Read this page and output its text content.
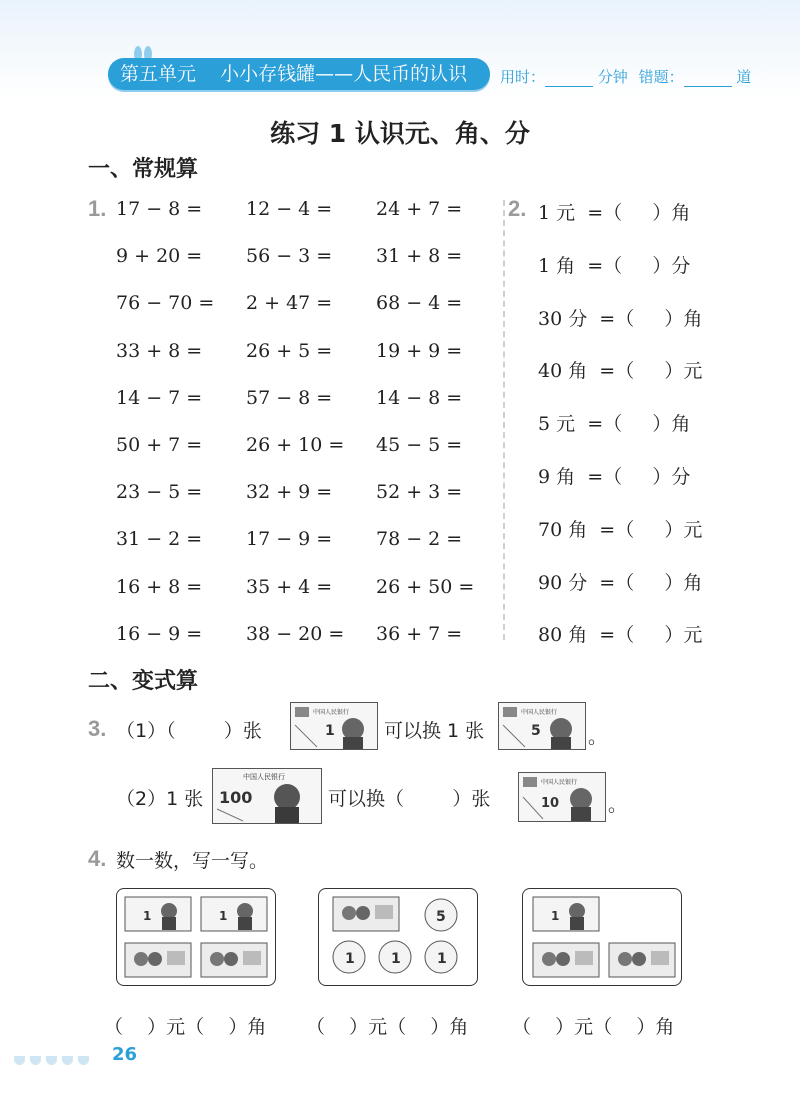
第五单元 小小存钱罐——人民币的认识	用时：	分钟 错题：	道
练习 1 认识元、角、分
一、常规算
1. 17 − 8 = 12 − 4 = 24 + 7 =
9 + 20 = 56 − 3 = 31 + 8 =
76 − 70 = 2 + 47 = 68 − 4 =
33 + 8 = 26 + 5 = 19 + 9 =
14 − 7 = 57 − 8 = 14 − 8 =
50 + 7 = 26 + 10 = 45 − 5 =
23 − 5 = 32 + 9 = 52 + 3 =
31 − 2 = 17 − 9 = 78 − 2 =
16 + 8 = 35 + 4 = 26 + 50 =
16 − 9 = 38 − 20 = 36 + 7 =
2. 1 元  =（     ）角
1 角  =（     ）分
30 分  =（     ）角
40 角  =（     ）元
5 元  =（     ）角
9 角  =（     ）分
70 角  =（     ）元
90 分  =（     ）角
80 角  =（     ）元
二、变式算
3. （1）（        ）张
中国人民银行
1	可以换 1 张
中国人民银行
5 。
（2）1 张
中国人民银行
100	可以换（        ）张
中国人民银行
10	。
4. 数一数，写一写。
1	1	5
1	1	1
1
（    ）元（    ）角 （    ）元（    ）角 （    ）元（    ）角
26
